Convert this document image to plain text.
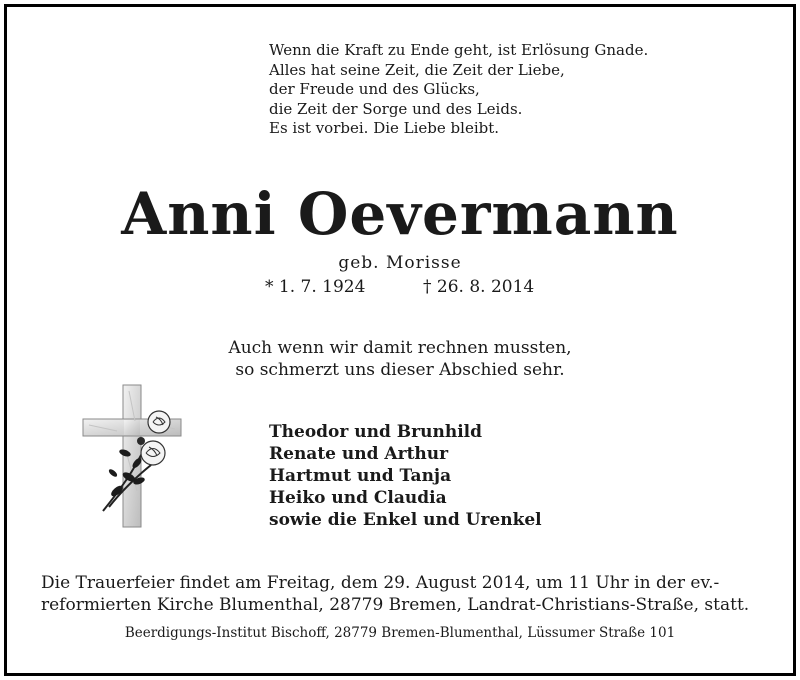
Wenn die Kraft zu Ende geht, ist Erlösung Gnade.
Alles hat seine Zeit, die Zeit der Liebe,
der Freude und des Glücks,
die Zeit der Sorge und des Leids.
Es ist vorbei. Die Liebe bleibt.
Anni Oevermann
geb. Morisse
* 1. 7. 1924	† 26. 8. 2014
Auch wenn wir damit rechnen mussten,
so schmerzt uns dieser Abschied sehr.
Theodor und Brunhild
Renate und Arthur
Hartmut und Tanja
Heiko und Claudia
sowie die Enkel und Urenkel
Die Trauerfeier findet am Freitag, dem 29. August 2014, um 11 Uhr in der ev.-
reformierten Kirche Blumenthal, 28779 Bremen, Landrat-Christians-Straße, statt.
Beerdigungs-Institut Bischoff, 28779 Bremen-Blumenthal, Lüssumer Straße 101
